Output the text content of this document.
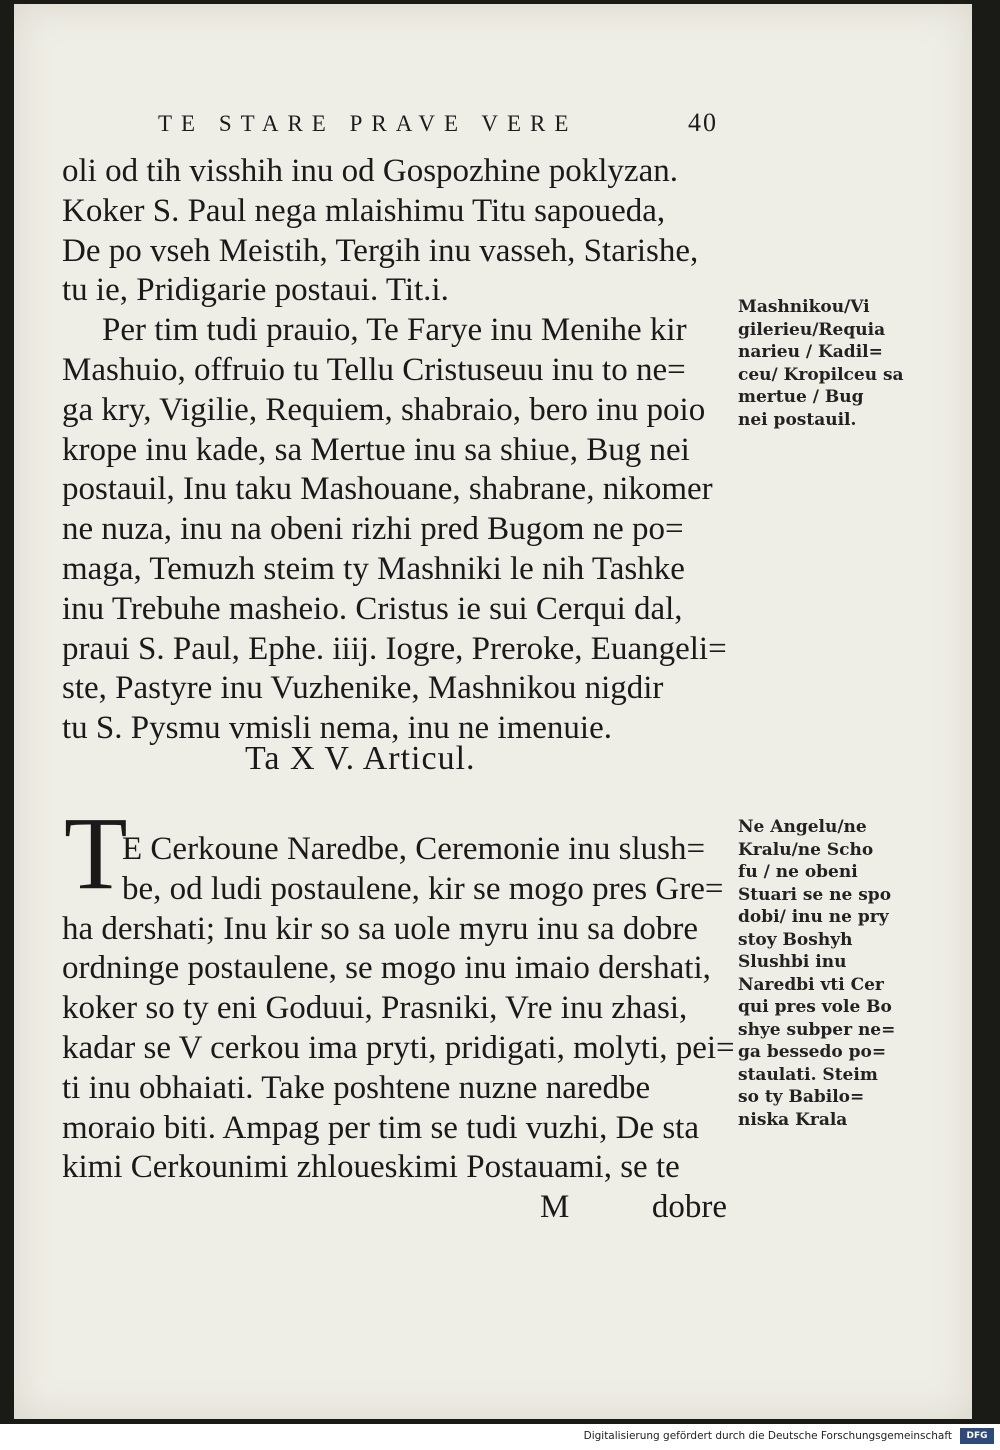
TE STARE PRAVE VERE	40
oli od tih visshih inu od Gospozhine poklyzan.
Koker S. Paul nega mlaishimu Titu sapoueda,
De po vseh Meistih, Tergih inu vasseh, Starishe,
tu ie, Pridigarie postaui. Tit.i.
Per tim tudi prauio, Te Farye inu Menihe kir
Mashuio, offruio tu Tellu Cristuseuu inu to ne=
ga kry, Vigilie, Requiem, shabraio, bero inu poio
krope inu kade, sa Mertue inu sa shiue, Bug nei
postauil, Inu taku Mashouane, shabrane, nikomer
ne nuza, inu na obeni rizhi pred Bugom ne po=
maga, Temuzh steim ty Mashniki le nih Tashke
inu Trebuhe masheio. Cristus ie sui Cerqui dal,
praui S. Paul, Ephe. iiij. Iogre, Preroke, Euangeli=
ste, Pastyre inu Vuzhenike, Mashnikou nigdir
tu S. Pysmu vmisli nema, inu ne imenuie.
Mashnikou/Vi
gilerieu/Requia
narieu / Kadil=
ceu/ Kropilceu sa
mertue / Bug
nei postauil.
Ta X V. Articul.
T
E Cerkoune Naredbe, Ceremonie inu slush=
be, od ludi postaulene, kir se mogo pres Gre=
ha dershati; Inu kir so sa uole myru inu sa dobre
ordninge postaulene, se mogo inu imaio dershati,
koker so ty eni Goduui, Prasniki, Vre inu zhasi,
kadar se V cerkou ima pryti, pridigati, molyti, pei=
ti inu obhaiati. Take poshtene nuzne naredbe
moraio biti. Ampag per tim se tudi vuzhi, De sta
kimi Cerkounimi zhloueskimi Postauami, se te
M          dobre
Ne Angelu/ne
Kralu/ne Scho
fu / ne obeni
Stuari se ne spo
dobi/ inu ne pry
stoy Boshyh
Slushbi inu
Naredbi vti Cer
qui pres vole Bo
shye subper ne=
ga bessedo po=
staulati. Steim
so ty Babilo=
niska Krala
Digitalisierung gefördert durch die Deutsche Forschungsgemeinschaft	DFG
